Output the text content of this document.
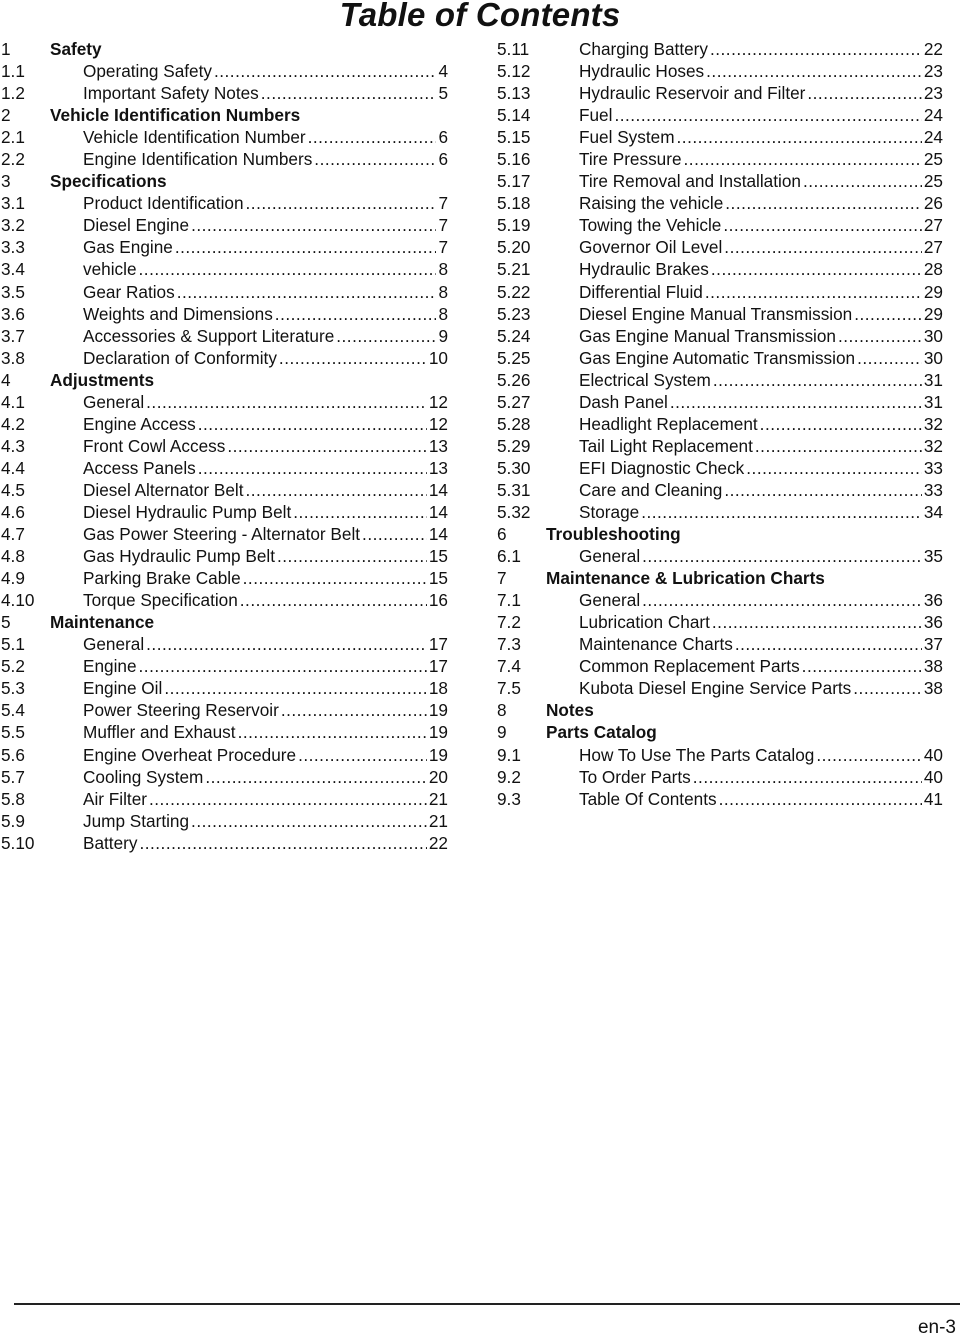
Table of Contents
1	Safety
1.1	Operating Safety .....	4
1.2	Important Safety Notes .....	5
2	Vehicle Identification Numbers
2.1	Vehicle Identification Number .....	6
2.2	Engine Identification Numbers .....	6
3	Specifications
3.1	Product Identification .....	7
3.2	Diesel Engine .....	7
3.3	Gas Engine .....	7
3.4	vehicle .....	8
3.5	Gear Ratios .....	8
3.6	Weights and Dimensions .....	8
3.7	Accessories & Support Literature .....	9
3.8	Declaration of Conformity .....	10
4	Adjustments
4.1	General .....	12
4.2	Engine Access .....	12
4.3	Front Cowl Access .....	13
4.4	Access Panels .....	13
4.5	Diesel Alternator Belt .....	14
4.6	Diesel Hydraulic Pump Belt .....	14
4.7	Gas Power Steering - Alternator Belt .....	14
4.8	Gas Hydraulic Pump Belt .....	15
4.9	Parking Brake Cable .....	15
4.10	Torque Specification .....	16
5	Maintenance
5.1	General .....	17
5.2	Engine .....	17
5.3	Engine Oil .....	18
5.4	Power Steering Reservoir .....	19
5.5	Muffler and Exhaust .....	19
5.6	Engine Overheat Procedure .....	19
5.7	Cooling System .....	20
5.8	Air Filter .....	21
5.9	Jump Starting .....	21
5.10	Battery .....	22
5.11	Charging Battery .....	22
5.12	Hydraulic Hoses .....	23
5.13	Hydraulic Reservoir and Filter .....	23
5.14	Fuel .....	24
5.15	Fuel System .....	24
5.16	Tire Pressure .....	25
5.17	Tire Removal and Installation .....	25
5.18	Raising the vehicle .....	26
5.19	Towing the Vehicle .....	27
5.20	Governor Oil Level .....	27
5.21	Hydraulic Brakes .....	28
5.22	Differential Fluid .....	29
5.23	Diesel Engine Manual Transmission .....	29
5.24	Gas Engine Manual Transmission .....	30
5.25	Gas Engine Automatic Transmission .....	30
5.26	Electrical System .....	31
5.27	Dash Panel .....	31
5.28	Headlight Replacement .....	32
5.29	Tail Light Replacement .....	32
5.30	EFI Diagnostic Check .....	33
5.31	Care and Cleaning .....	33
5.32	Storage .....	34
6	Troubleshooting
6.1	General .....	35
7	Maintenance & Lubrication Charts
7.1	General .....	36
7.2	Lubrication Chart .....	36
7.3	Maintenance Charts .....	37
7.4	Common Replacement Parts .....	38
7.5	Kubota Diesel Engine Service Parts .....	38
8	Notes
9	Parts Catalog
9.1	How To Use The Parts Catalog .....	40
9.2	To Order Parts .....	40
9.3	Table Of Contents .....	41
en-3
